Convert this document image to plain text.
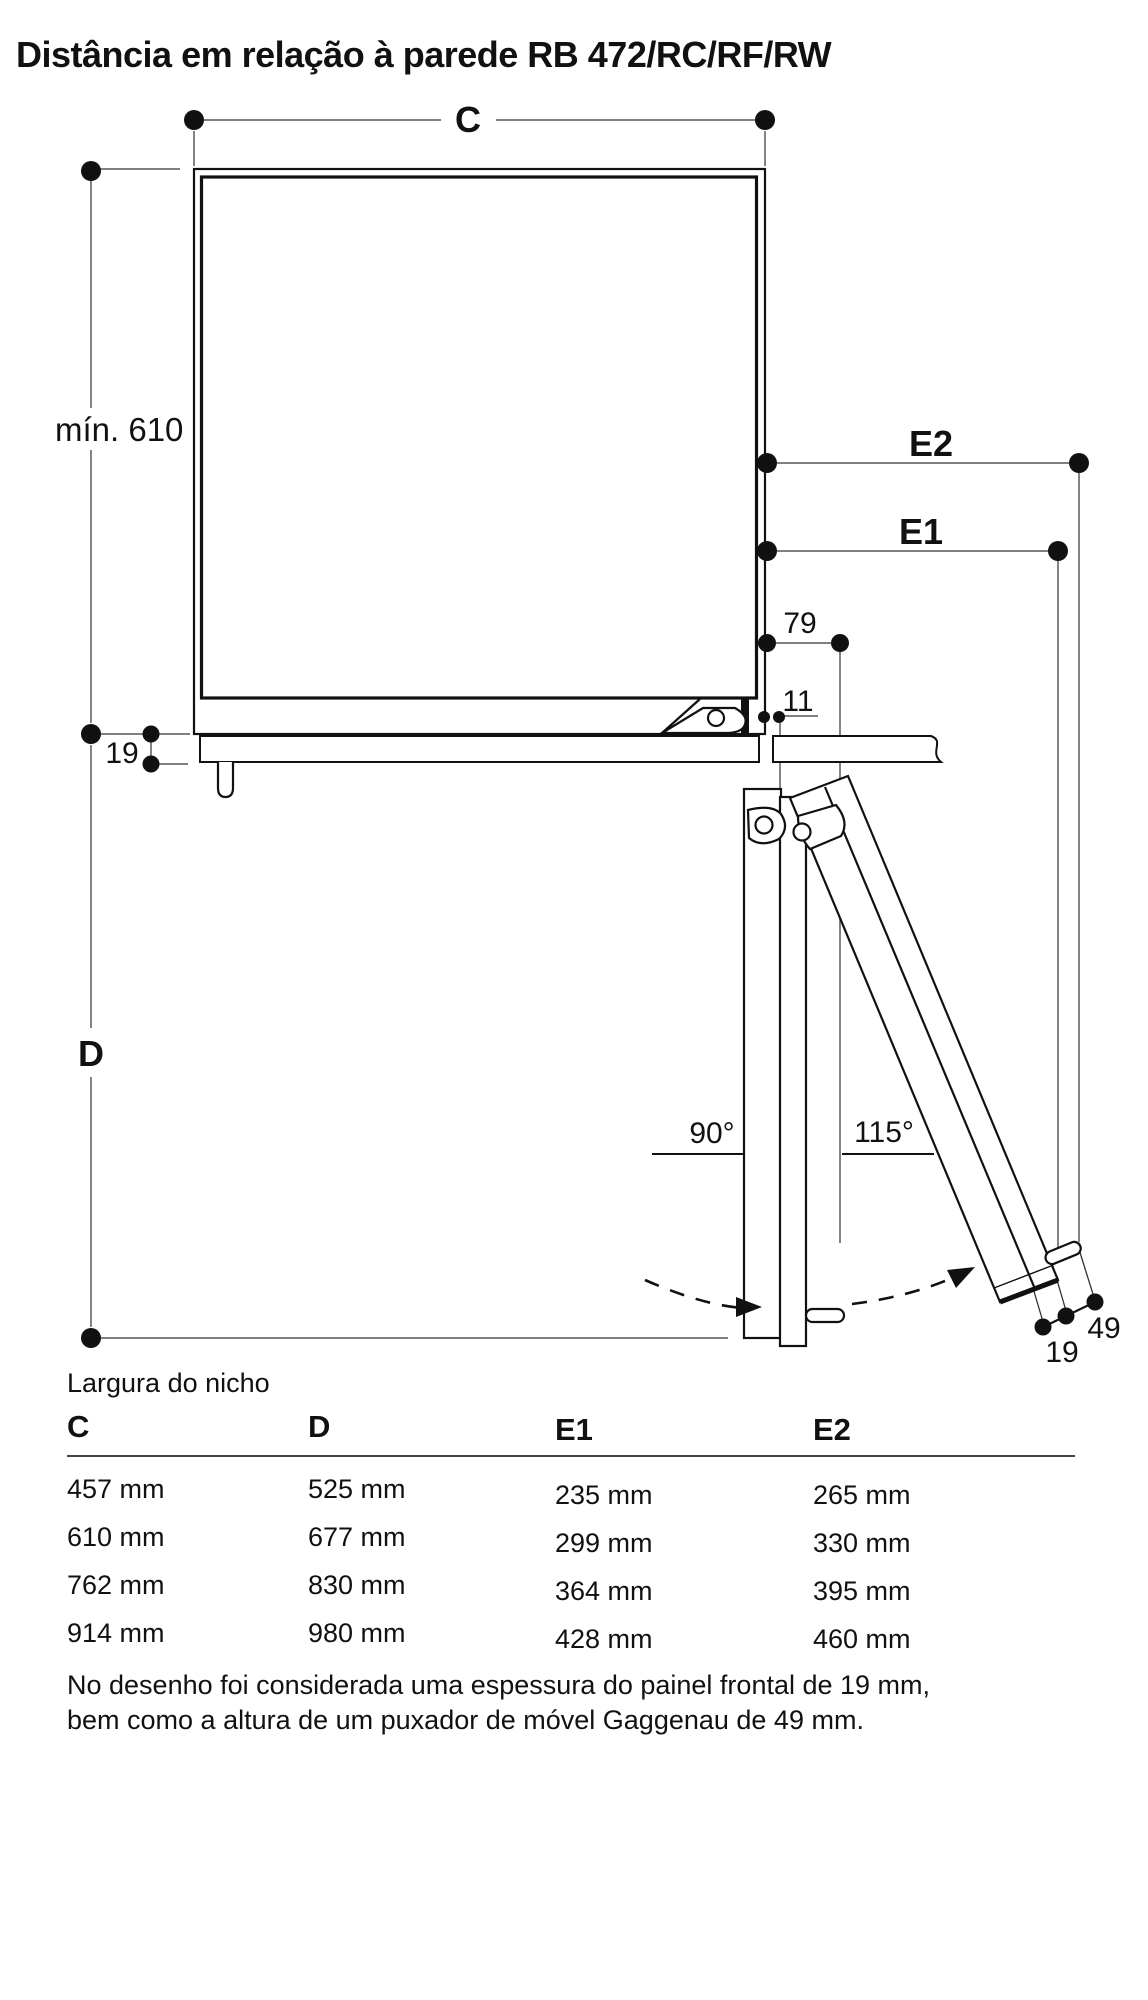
Distância em relação à parede RB 472/RC/RF/RW
C
mín. 610
19
D
E2
E1
79
11
90°	115°
19
49
Largura do nicho
C	D	E1	E2
457 mm	525 mm	235 mm	265 mm
610 mm	677 mm	299 mm	330 mm
762 mm	830 mm	364 mm	395 mm
914 mm	980 mm	428 mm	460 mm
No desenho foi considerada uma espessura do painel frontal de 19 mm,
bem como a altura de um puxador de móvel Gaggenau de 49 mm.
